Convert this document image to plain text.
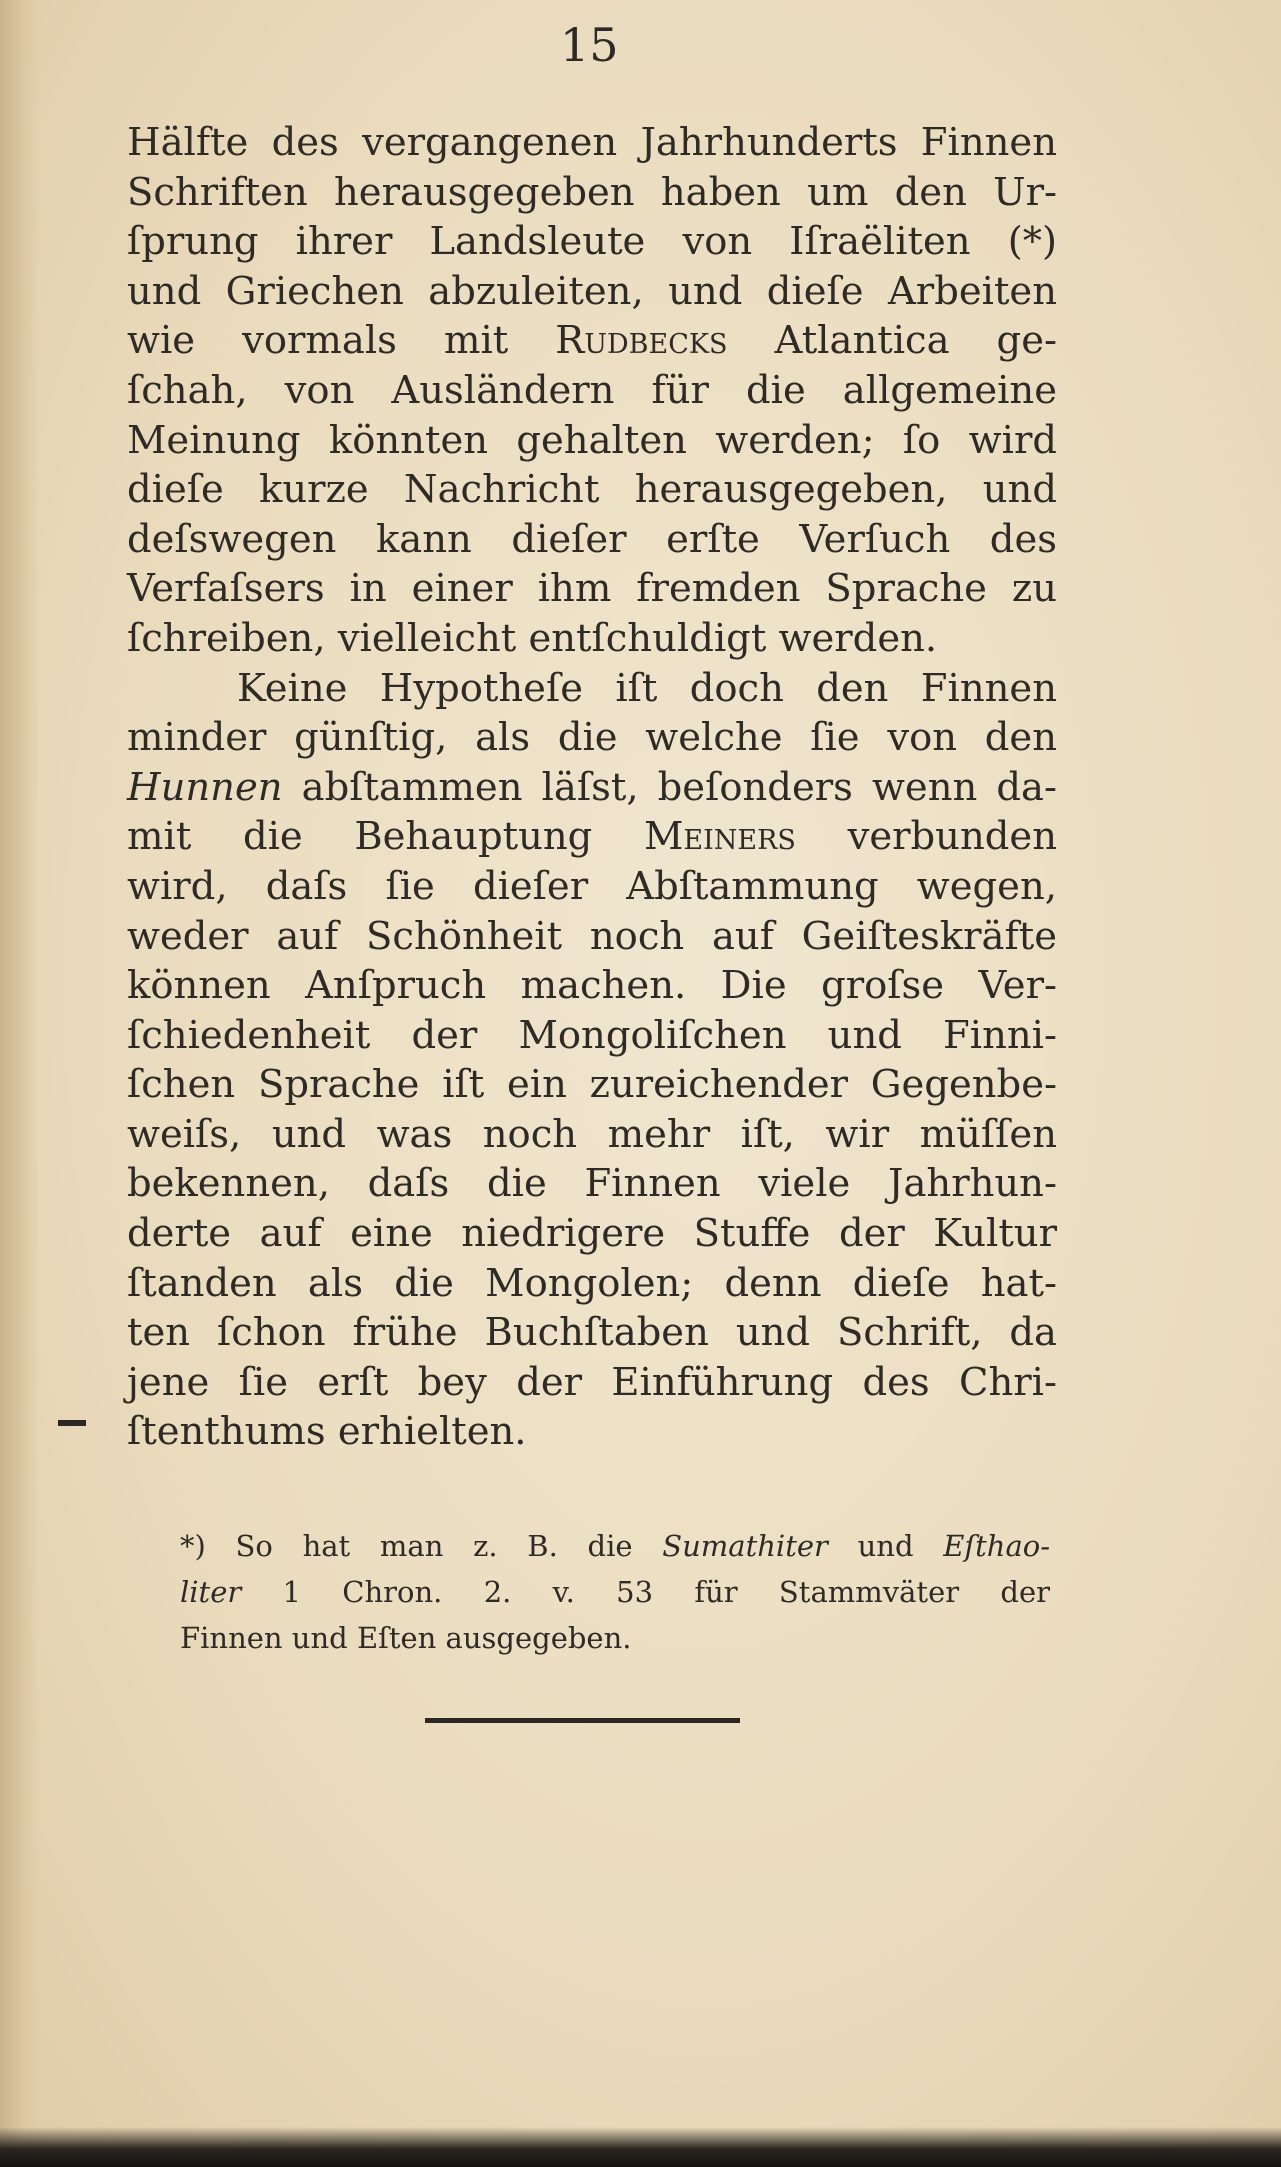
15
Hälfte des vergangenen Jahrhunderts Finnen
Schriften herausgegeben haben um den Ur-
ſprung ihrer Landsleute von Iſraëliten (*)
und Griechen abzuleiten, und dieſe Arbeiten
wie vormals mit Rudbecks Atlantica ge-
ſchah, von Ausländern für die allgemeine
Meinung könnten gehalten werden; ſo wird
dieſe kurze Nachricht herausgegeben, und
deſswegen kann dieſer erſte Verſuch des
Verfaſsers in einer ihm fremden Sprache zu
ſchreiben, vielleicht entſchuldigt werden.
Keine Hypotheſe iſt doch den Finnen
minder günſtig, als die welche ſie von den
Hunnen abſtammen läſst, beſonders wenn da-
mit die Behauptung Meiners verbunden
wird, daſs ſie dieſer Abſtammung wegen,
weder auf Schönheit noch auf Geiſteskräfte
können Anſpruch machen. Die groſse Ver-
ſchiedenheit der Mongoliſchen und Finni-
ſchen Sprache iſt ein zureichender Gegenbe-
weiſs, und was noch mehr iſt, wir müſſen
bekennen, daſs die Finnen viele Jahrhun-
derte auf eine niedrigere Stuffe der Kultur
ſtanden als die Mongolen; denn dieſe hat-
ten ſchon frühe Buchſtaben und Schrift, da
jene ſie erſt bey der Einführung des Chri-
ſtenthums erhielten.
*) So hat man z. B. die Sumathiter und Eſthao-
liter 1 Chron. 2. v. 53 für Stammväter der
Finnen und Eſten ausgegeben.
